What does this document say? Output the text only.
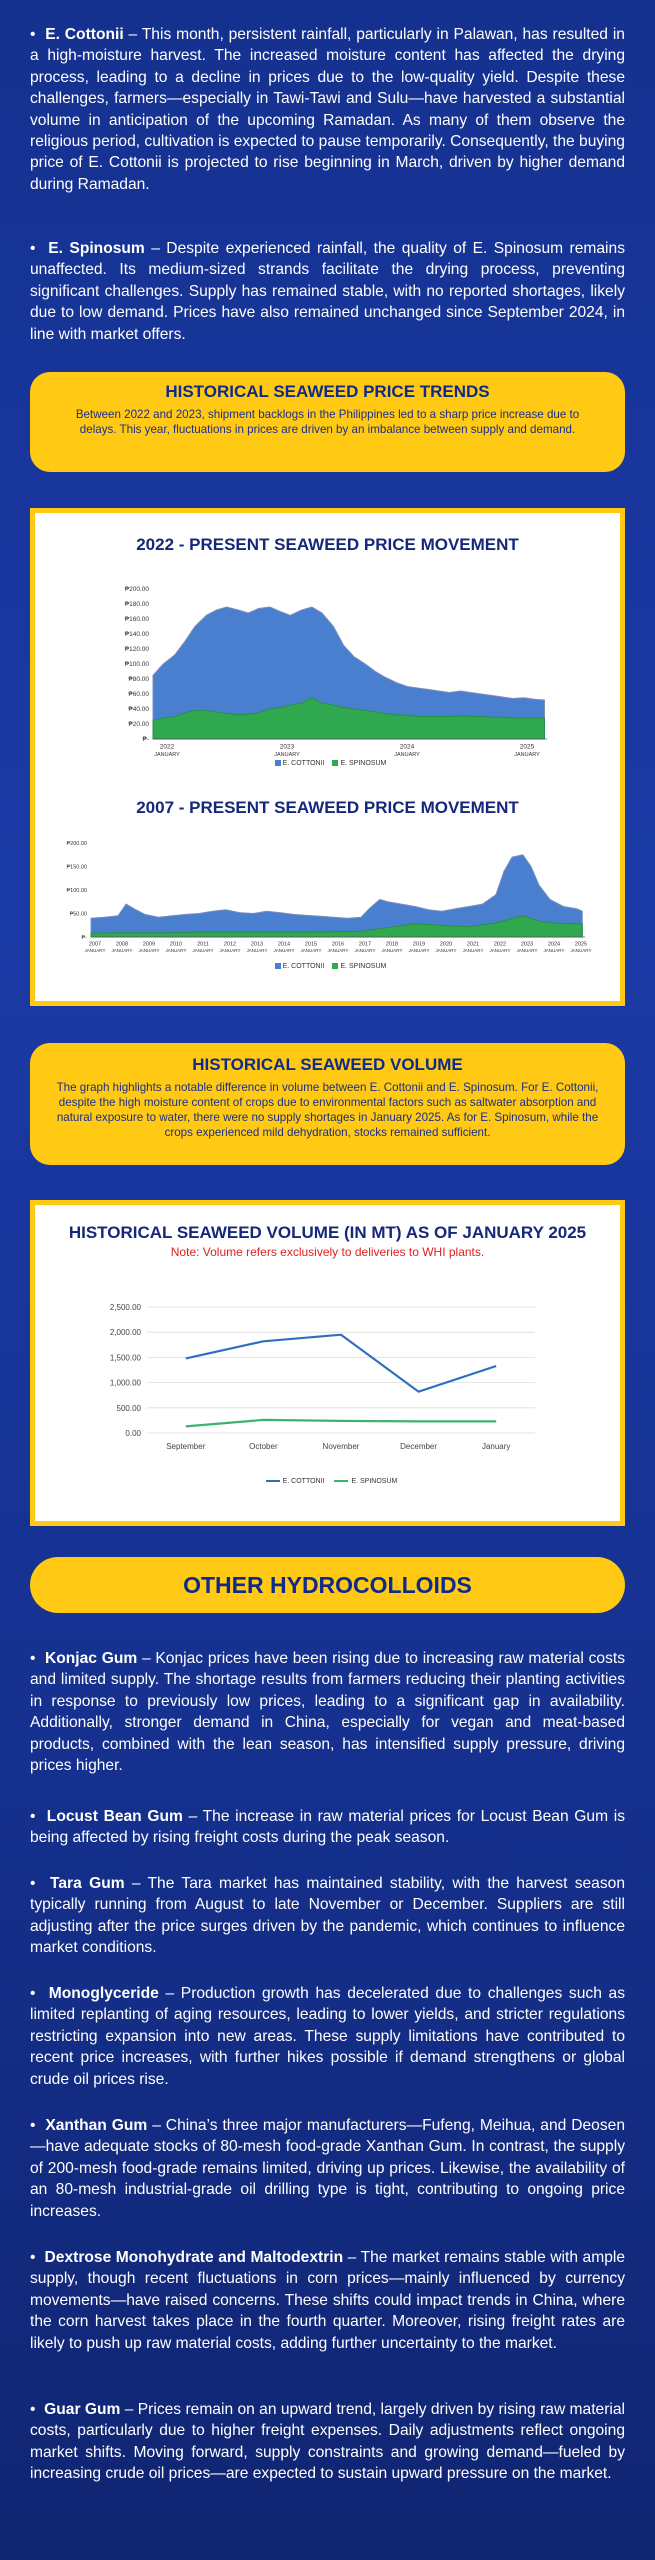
•  E. Cottonii – This month, persistent rainfall, particularly in Palawan, has resulted in a high-moisture harvest. The increased moisture content has affected the drying process, leading to a decline in prices due to the low-quality yield. Despite these challenges, farmers—especially in Tawi-Tawi and Sulu—have harvested a substantial volume in anticipation of the upcoming Ramadan. As many of them observe the religious period, cultivation is expected to pause temporarily. Consequently, the buying price of E. Cottonii is projected to rise beginning in March, driven by higher demand during Ramadan.

•  E. Spinosum – Despite experienced rainfall, the quality of E. Spinosum remains unaffected. Its medium-sized strands facilitate the drying process, preventing significant challenges. Supply has remained stable, with no reported shortages, likely due to low demand. Prices have also remained unchanged since September 2024, in line with market offers.

HISTORICAL SEAWEED PRICE TRENDS

Between 2022 and 2023, shipment backlogs in the Philippines led to a sharp price increase due to delays. This year, fluctuations in prices are driven by an imbalance between supply and demand.

2022 - PRESENT SEAWEED PRICE MOVEMENT
₱200.00
₱180.00
₱160.00
₱140.00
₱120.00
₱100.00
₱80.00
₱60.00
₱40.00
₱20.00
₱-
2022
JANUARY
2023
JANUARY
2024
JANUARY
2025
JANUARY
E. COTTONII E. SPINOSUM
2007 - PRESENT SEAWEED PRICE MOVEMENT
₱200.00
₱150.00
₱100.00
₱50.00
₱-
2007
JANUARY
2008
JANUARY
2009
JANUARY
2010
JANUARY
2011
JANUARY
2012
JANUARY
2013
JANUARY
2014
JANUARY
2015
JANUARY
2016
JANUARY
2017
JANUARY
2018
JANUARY
2019
JANUARY
2020
JANUARY
2021
JANUARY
2022
JANUARY
2023
JANUARY
2024
JANUARY
2025
JANUARY
E. COTTONII E. SPINOSUM
HISTORICAL SEAWEED VOLUME

The graph highlights a notable difference in volume between E. Cottonii and E. Spinosum. For E. Cottonii, despite the high moisture content of crops due to environmental factors such as saltwater absorption and natural exposure to water, there were no supply shortages in January 2025. As for E. Spinosum, while the crops experienced mild dehydration, stocks remained sufficient.

HISTORICAL SEAWEED VOLUME (IN MT) AS OF JANUARY 2025
Note: Volume refers exclusively to deliveries to WHI plants.
2,500.00
2,000.00
1,500.00
1,000.00
500.00
0.00
September	October	November	December	January
E. COTTONII	E. SPINOSUM
OTHER HYDROCOLLOIDS

•  Konjac Gum – Konjac prices have been rising due to increasing raw material costs and limited supply. The shortage results from farmers reducing their planting activities in response to previously low prices, leading to a significant gap in availability. Additionally, stronger demand in China, especially for vegan and meat-based products, combined with the lean season, has intensified supply pressure, driving prices higher.

•  Locust Bean Gum – The increase in raw material prices for Locust Bean Gum is being affected by rising freight costs during the peak season.

•  Tara Gum – The Tara market has maintained stability, with the harvest season typically running from August to late November or December. Suppliers are still adjusting after the price surges driven by the pandemic, which continues to influence market conditions.

•  Monoglyceride – Production growth has decelerated due to challenges such as limited replanting of aging resources, leading to lower yields, and stricter regulations restricting expansion into new areas. These supply limitations have contributed to recent price increases, with further hikes possible if demand strengthens or global crude oil prices rise.

•  Xanthan Gum – China’s three major manufacturers—Fufeng, Meihua, and Deosen—have adequate stocks of 80-mesh food-grade Xanthan Gum. In contrast, the supply of 200-mesh food-grade remains limited, driving up prices. Likewise, the availability of an 80-mesh industrial-grade oil drilling type is tight, contributing to ongoing price increases.

•  Dextrose Monohydrate and Maltodextrin – The market remains stable with ample supply, though recent fluctuations in corn prices—mainly influenced by currency movements—have raised concerns. These shifts could impact trends in China, where the corn harvest takes place in the fourth quarter. Moreover, rising freight rates are likely to push up raw material costs, adding further uncertainty to the market.

•  Guar Gum – Prices remain on an upward trend, largely driven by rising raw material costs, particularly due to higher freight expenses. Daily adjustments reflect ongoing market shifts. Moving forward, supply constraints and growing demand—fueled by increasing crude oil prices—are expected to sustain upward pressure on the market.
